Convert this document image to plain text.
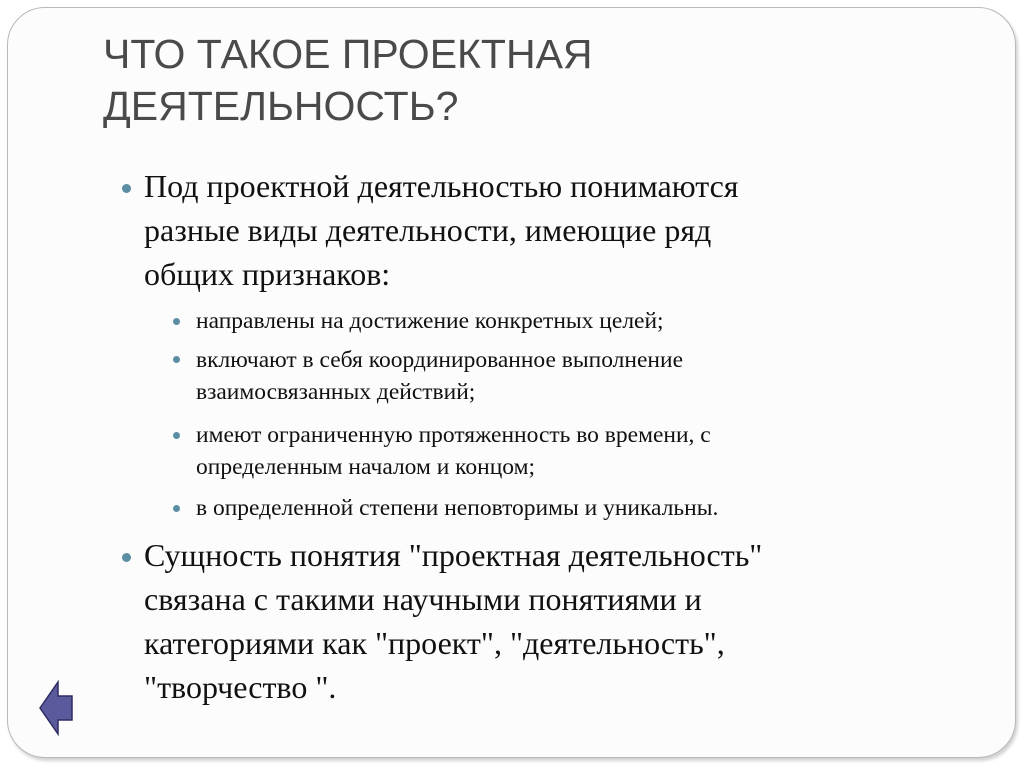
ЧТО ТАКОЕ ПРОЕКТНАЯ
ДЕЯТЕЛЬНОСТЬ?
Под проектной деятельностью понимаются
разные виды деятельности, имеющие ряд
общих признаков:
направлены на достижение конкретных целей;
включают в себя координированное выполнение
взаимосвязанных действий;
имеют ограниченную протяженность во времени, с
определенным началом и концом;
в определенной степени неповторимы и уникальны.
Сущность понятия "проектная деятельность"
связана с такими научными понятиями и
категориями как "проект", "деятельность",
"творчество ".
